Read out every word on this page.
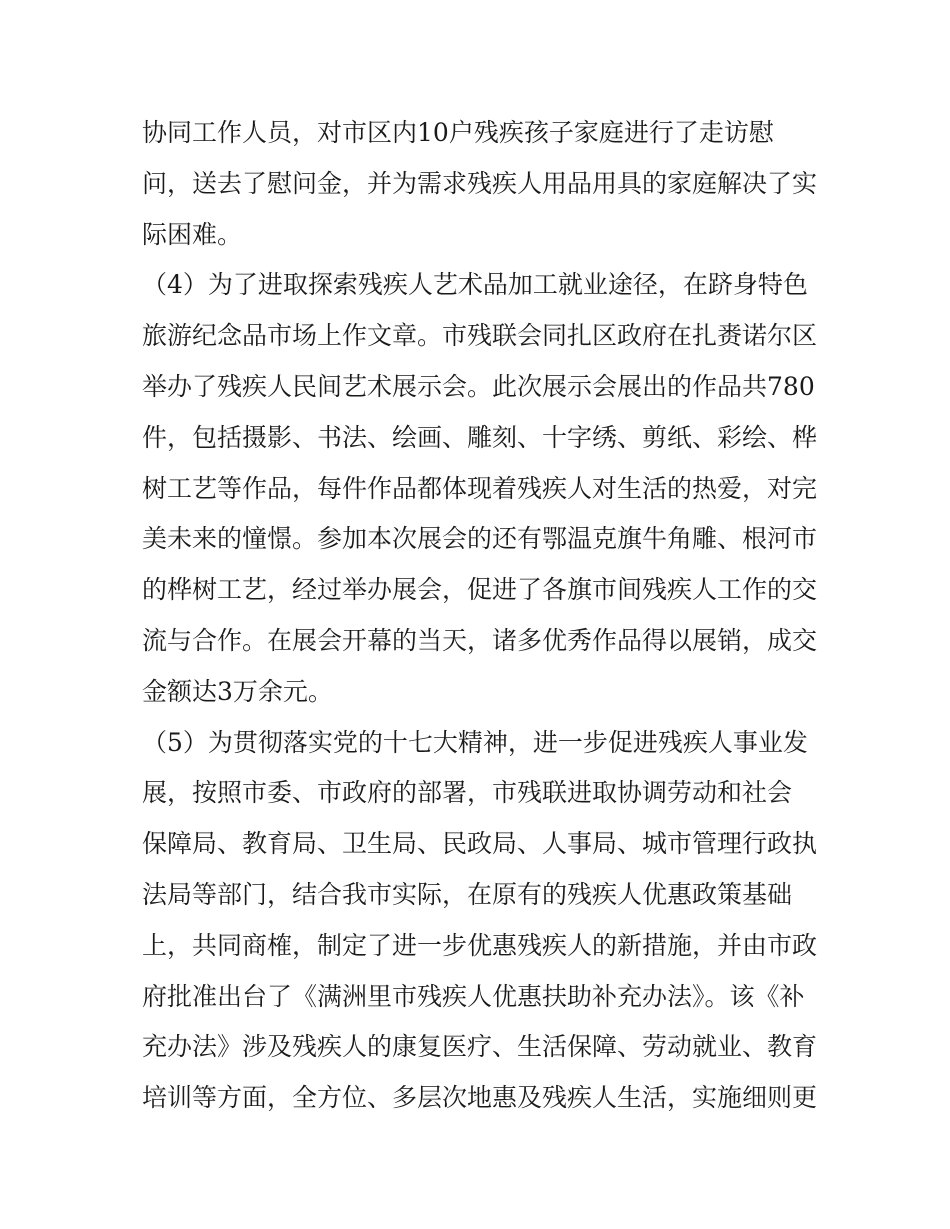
协同工作人员，对市区内10户残疾孩子家庭进行了走访慰
问，送去了慰问金，并为需求残疾人用品用具的家庭解决了实
际困难。
（4）为了进取探索残疾人艺术品加工就业途径，在跻身特色
旅游纪念品市场上作文章。市残联会同扎区政府在扎赉诺尔区
举办了残疾人民间艺术展示会。此次展示会展出的作品共780
件，包括摄影、书法、绘画、雕刻、十字绣、剪纸、彩绘、桦
树工艺等作品，每件作品都体现着残疾人对生活的热爱，对完
美未来的憧憬。参加本次展会的还有鄂温克旗牛角雕、根河市
的桦树工艺，经过举办展会，促进了各旗市间残疾人工作的交
流与合作。在展会开幕的当天，诸多优秀作品得以展销，成交
金额达3万余元。
（5）为贯彻落实党的十七大精神，进一步促进残疾人事业发
展，按照市委、市政府的部署，市残联进取协调劳动和社会
保障局、教育局、卫生局、民政局、人事局、城市管理行政执
法局等部门，结合我市实际，在原有的残疾人优惠政策基础
上，共同商榷，制定了进一步优惠残疾人的新措施，并由市政
府批准出台了《满洲里市残疾人优惠扶助补充办法》。该《补
充办法》涉及残疾人的康复医疗、生活保障、劳动就业、教育
培训等方面，全方位、多层次地惠及残疾人生活，实施细则更
